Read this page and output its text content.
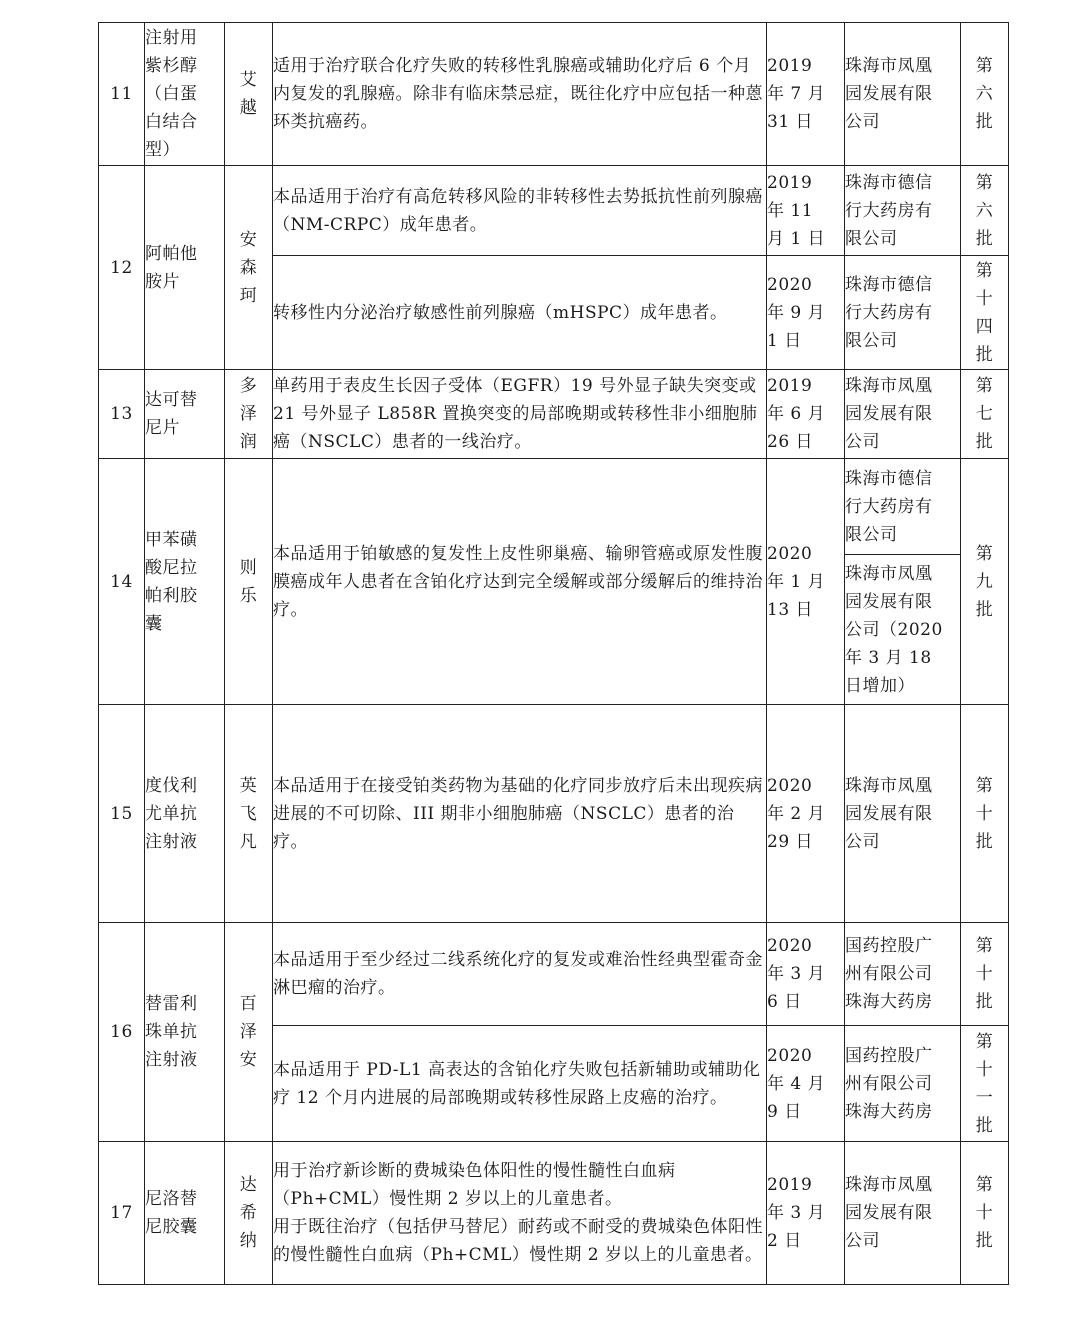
11	注射用
紫杉醇
（白蛋
白结合
型）	艾
越	适用于治疗联合化疗失败的转移性乳腺癌或辅助化疗后 6 个月内复发的乳腺癌。除非有临床禁忌症，既往化疗中应包括一种蒽环类抗癌药。	2019
年 7 月
31 日	珠海市凤凰
园发展有限
公司	第
六
批

12	阿帕他
胺片	安
森
珂	本品适用于治疗有高危转移风险的非转移性去势抵抗性前列腺癌（NM-CRPC）成年患者。	2019
年 11
月 1 日	珠海市德信
行大药房有
限公司	第
六
批

			转移性内分泌治疗敏感性前列腺癌（mHSPC）成年患者。	2020
年 9 月
1 日	珠海市德信
行大药房有
限公司	第
十
四
批

13	达可替
尼片	多
泽
润	单药用于表皮生长因子受体（EGFR）19 号外显子缺失突变或 21 号外显子 L858R 置换突变的局部晚期或转移性非小细胞肺癌（NSCLC）患者的一线治疗。	2019
年 6 月
26 日	珠海市凤凰
园发展有限
公司	第
七
批

14	甲苯磺
酸尼拉
帕利胶
囊	则
乐	本品适用于铂敏感的复发性上皮性卵巢癌、输卵管癌或原发性腹膜癌成年人患者在含铂化疗达到完全缓解或部分缓解后的维持治疗。	2020
年 1 月
13 日	珠海市德信
行大药房有
限公司	第
九
批

					珠海市凤凰
园发展有限
公司（2020
年 3 月 18
日增加）	

15	度伐利
尤单抗
注射液	英
飞
凡	本品适用于在接受铂类药物为基础的化疗同步放疗后未出现疾病进展的不可切除、III 期非小细胞肺癌（NSCLC）患者的治疗。	2020
年 2 月
29 日	珠海市凤凰
园发展有限
公司	第
十
批

16	替雷利
珠单抗
注射液	百
泽
安	本品适用于至少经过二线系统化疗的复发或难治性经典型霍奇金淋巴瘤的治疗。	2020
年 3 月
6 日	国药控股广
州有限公司
珠海大药房	第
十
批

			本品适用于 PD-L1 高表达的含铂化疗失败包括新辅助或辅助化疗 12 个月内进展的局部晚期或转移性尿路上皮癌的治疗。	2020
年 4 月
9 日	国药控股广
州有限公司
珠海大药房	第
十
一
批

17	尼洛替
尼胶囊	达
希
纳	用于治疗新诊断的费城染色体阳性的慢性髓性白血病（Ph+CML）慢性期 2 岁以上的儿童患者。
用于既往治疗（包括伊马替尼）耐药或不耐受的费城染色体阳性的慢性髓性白血病（Ph+CML）慢性期 2 岁以上的儿童患者。	2019
年 3 月
2 日	珠海市凤凰
园发展有限
公司	第
十
批
